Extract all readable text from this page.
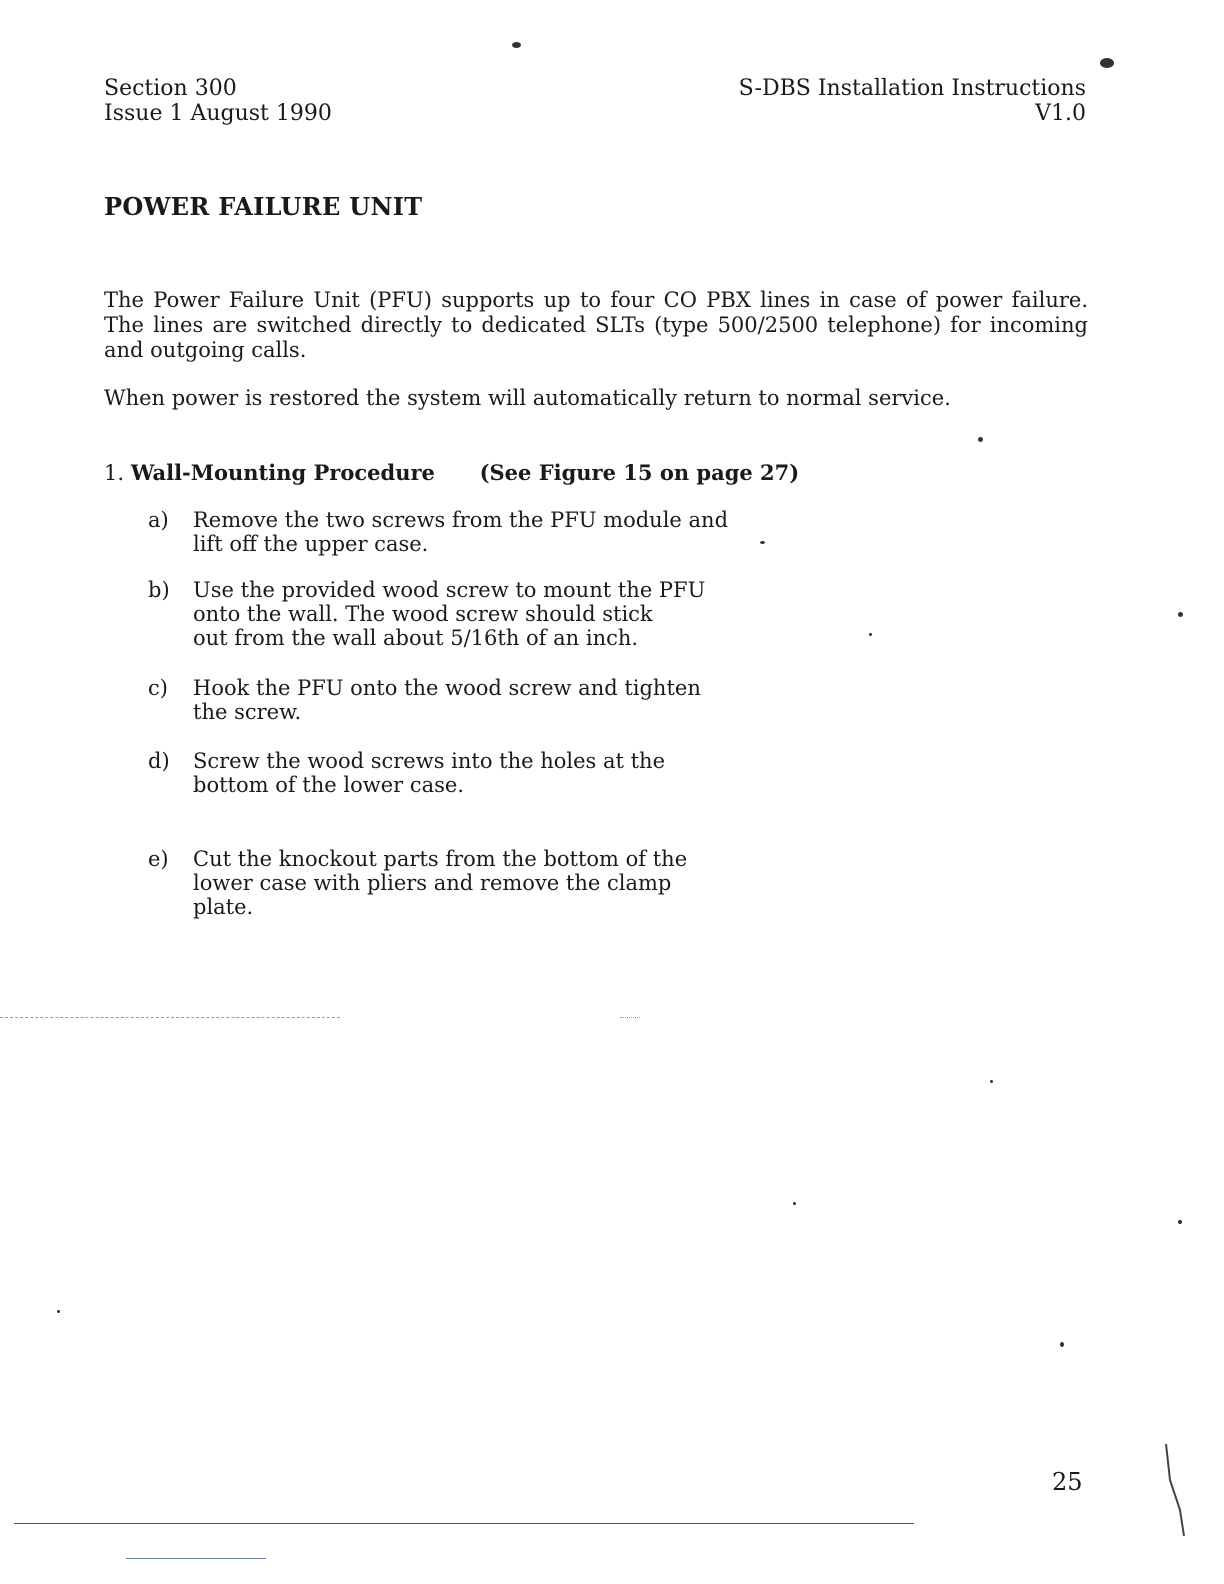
Section 300
Issue 1 August 1990
S-DBS Installation Instructions
V1.0
POWER FAILURE UNIT

The Power Failure Unit (PFU) supports up to four CO PBX lines in case of power failure. The lines are switched directly to dedicated SLTs (type 500/2500 telephone) for incoming and outgoing calls.

When power is restored the system will automatically return to normal service.

1. Wall-Mounting Procedure (See Figure 15 on page 27)
a)	Remove the two screws from the PFU module and
lift off the upper case.
b)	Use the provided wood screw to mount the PFU
onto the wall. The wood screw should stick
out from the wall about 5/16th of an inch.
c)	Hook the PFU onto the wood screw and tighten
the screw.
d)	Screw the wood screws into the holes at the
bottom of the lower case.
e)	Cut the knockout parts from the bottom of the
lower case with pliers and remove the clamp
plate.
25
